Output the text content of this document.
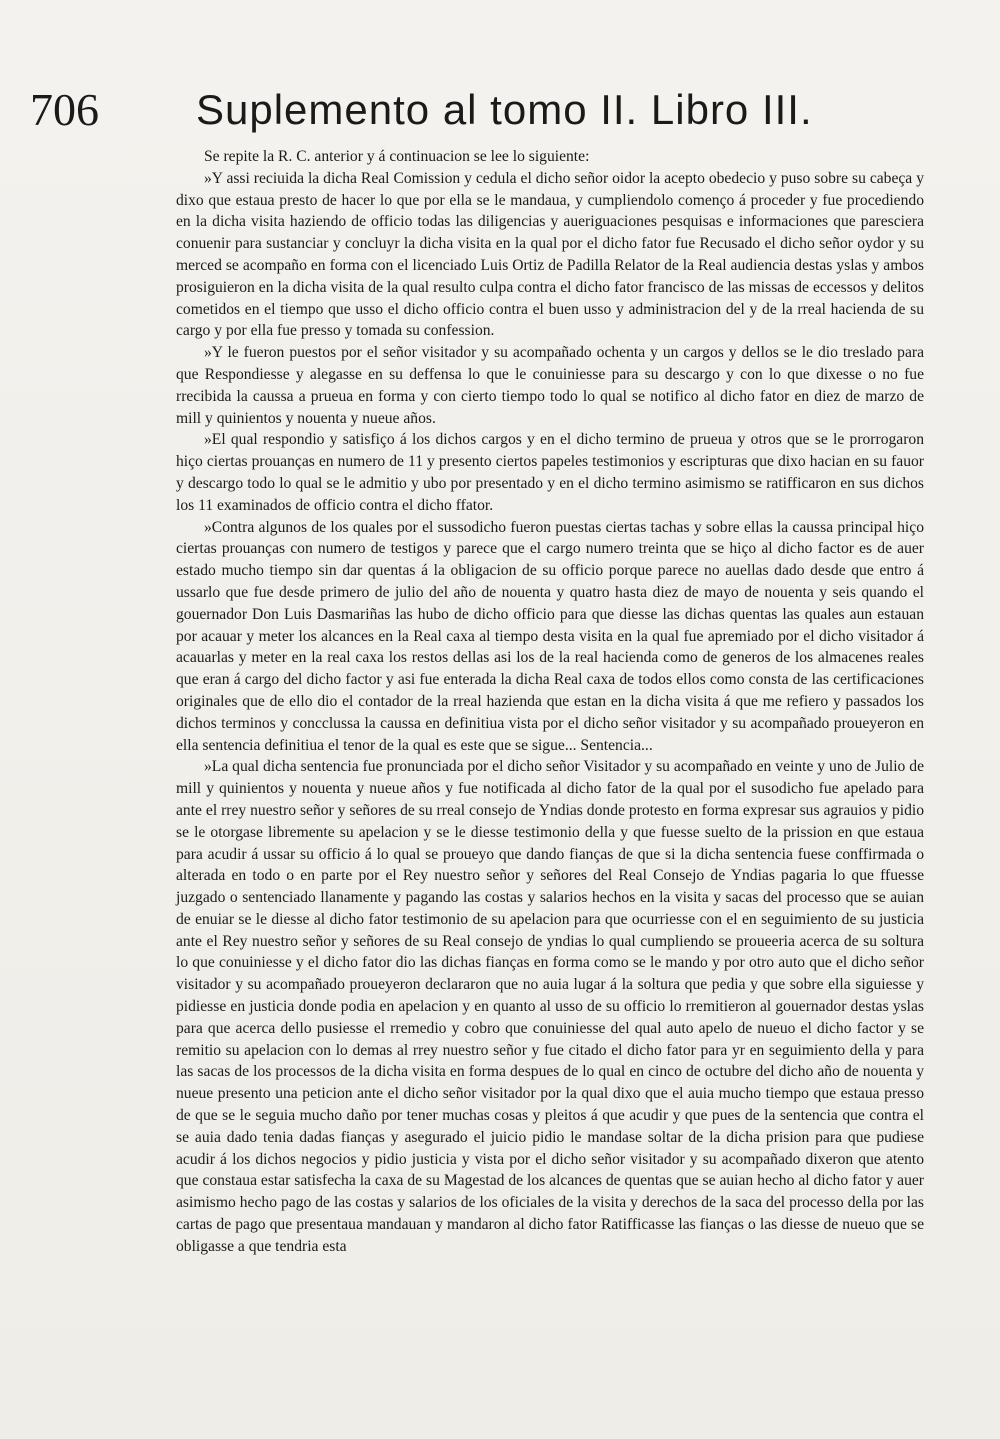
706 Suplemento al tomo II. Libro III.

Se repite la R. C. anterior y á continuacion se lee lo siguiente:

»Y assi reciuida la dicha Real Comission y cedula el dicho señor oidor la acepto obedecio y puso sobre su cabeça y dixo que estaua presto de hacer lo que por ella se le mandaua, y cumpliendolo començo á proceder y fue procediendo en la dicha visita haziendo de officio todas las diligencias y aueriguaciones pesquisas e informaciones que paresciera conuenir para sustanciar y concluyr la dicha visita en la qual por el dicho fator fue Recusado el dicho señor oydor y su merced se acompaño en forma con el licenciado Luis Ortiz de Padilla Relator de la Real audiencia destas yslas y ambos prosiguieron en la dicha visita de la qual resulto culpa contra el dicho fator francisco de las missas de eccessos y delitos cometidos en el tiempo que usso el dicho officio contra el buen usso y administracion del y de la rreal hacienda de su cargo y por ella fue presso y tomada su confession.

»Y le fueron puestos por el señor visitador y su acompañado ochenta y un cargos y dellos se le dio treslado para que Respondiesse y alegasse en su deffensa lo que le conuiniesse para su descargo y con lo que dixesse o no fue rrecibida la caussa a prueua en forma y con cierto tiempo todo lo qual se notifico al dicho fator en diez de marzo de mill y quinientos y nouenta y nueue años.

»El qual respondio y satisfiço á los dichos cargos y en el dicho termino de prueua y otros que se le prorrogaron hiço ciertas prouanças en numero de 11 y presento ciertos papeles testimonios y escripturas que dixo hacian en su fauor y descargo todo lo qual se le admitio y ubo por presentado y en el dicho termino asimismo se ratifficaron en sus dichos los 11 examinados de officio contra el dicho ffator.

»Contra algunos de los quales por el sussodicho fueron puestas ciertas tachas y sobre ellas la caussa principal hiço ciertas prouanças con numero de testigos y parece que el cargo numero treinta que se hiço al dicho factor es de auer estado mucho tiempo sin dar quentas á la obligacion de su officio porque parece no auellas dado desde que entro á ussarlo que fue desde primero de julio del año de nouenta y quatro hasta diez de mayo de nouenta y seis quando el gouernador Don Luis Dasmariñas las hubo de dicho officio para que diesse las dichas quentas las quales aun estauan por acauar y meter los alcances en la Real caxa al tiempo desta visita en la qual fue apremiado por el dicho visitador á acauarlas y meter en la real caxa los restos dellas asi los de la real hacienda como de generos de los almacenes reales que eran á cargo del dicho factor y asi fue enterada la dicha Real caxa de todos ellos como consta de las certificaciones originales que de ello dio el contador de la rreal hazienda que estan en la dicha visita á que me refiero y passados los dichos terminos y concclussa la caussa en definitiua vista por el dicho señor visitador y su acompañado proueyeron en ella sentencia definitiua el tenor de la qual es este que se sigue... Sentencia...

»La qual dicha sentencia fue pronunciada por el dicho señor Visitador y su acompañado en veinte y uno de Julio de mill y quinientos y nouenta y nueue años y fue notificada al dicho fator de la qual por el susodicho fue apelado para ante el rrey nuestro señor y señores de su rreal consejo de Yndias donde protesto en forma expresar sus agrauios y pidio se le otorgase libremente su apelacion y se le diesse testimonio della y que fuesse suelto de la prission en que estaua para acudir á ussar su officio á lo qual se proueyo que dando fianças de que si la dicha sentencia fuese conffirmada o alterada en todo o en parte por el Rey nuestro señor y señores del Real Consejo de Yndias pagaria lo que ffuesse juzgado o sentenciado llanamente y pagando las costas y salarios hechos en la visita y sacas del processo que se auian de enuiar se le diesse al dicho fator testimonio de su apelacion para que ocurriesse con el en seguimiento de su justicia ante el Rey nuestro señor y señores de su Real consejo de yndias lo qual cumpliendo se proueeria acerca de su soltura lo que conuiniesse y el dicho fator dio las dichas fianças en forma como se le mando y por otro auto que el dicho señor visitador y su acompañado proueyeron declararon que no auia lugar á la soltura que pedia y que sobre ella siguiesse y pidiesse en justicia donde podia en apelacion y en quanto al ussо de su officio lo rremitieron al gouernador destas yslas para que acerca dello pusiesse el rremedio y cobro que conuiniesse del qual auto apelo de nueuo el dicho factor y se remitio su apelacion con lo demas al rrey nuestro señor y fue citado el dicho fator para yr en seguimiento della y para las sacas de los processos de la dicha visita en forma despues de lo qual en cinco de octubre del dicho año de nouenta y nueue presento una peticion ante el dicho señor visitador por la qual dixo que el auia mucho tiempo que estaua presso de que se le seguia mucho daño por tener muchas cosas y pleitos á que acudir y que pues de la sentencia que contra el se auia dado tenia dadas fianças y asegurado el juicio pidio le mandase soltar de la dicha prision para que pudiese acudir á los dichos negocios y pidio justicia y vista por el dicho señor visitador y su acompañado dixeron que atento que constaua estar satisfecha la caxa de su Magestad de los alcances de quentas que se auian hecho al dicho fator y auer asimismo hecho pago de las costas y salarios de los oficiales de la visita y derechos de la saca del processo della por las cartas de pago que presentaua mandauan y mandaron al dicho fator Ratifficasse las fianças o las diesse de nueuo que se obligasse a que tendria esta
